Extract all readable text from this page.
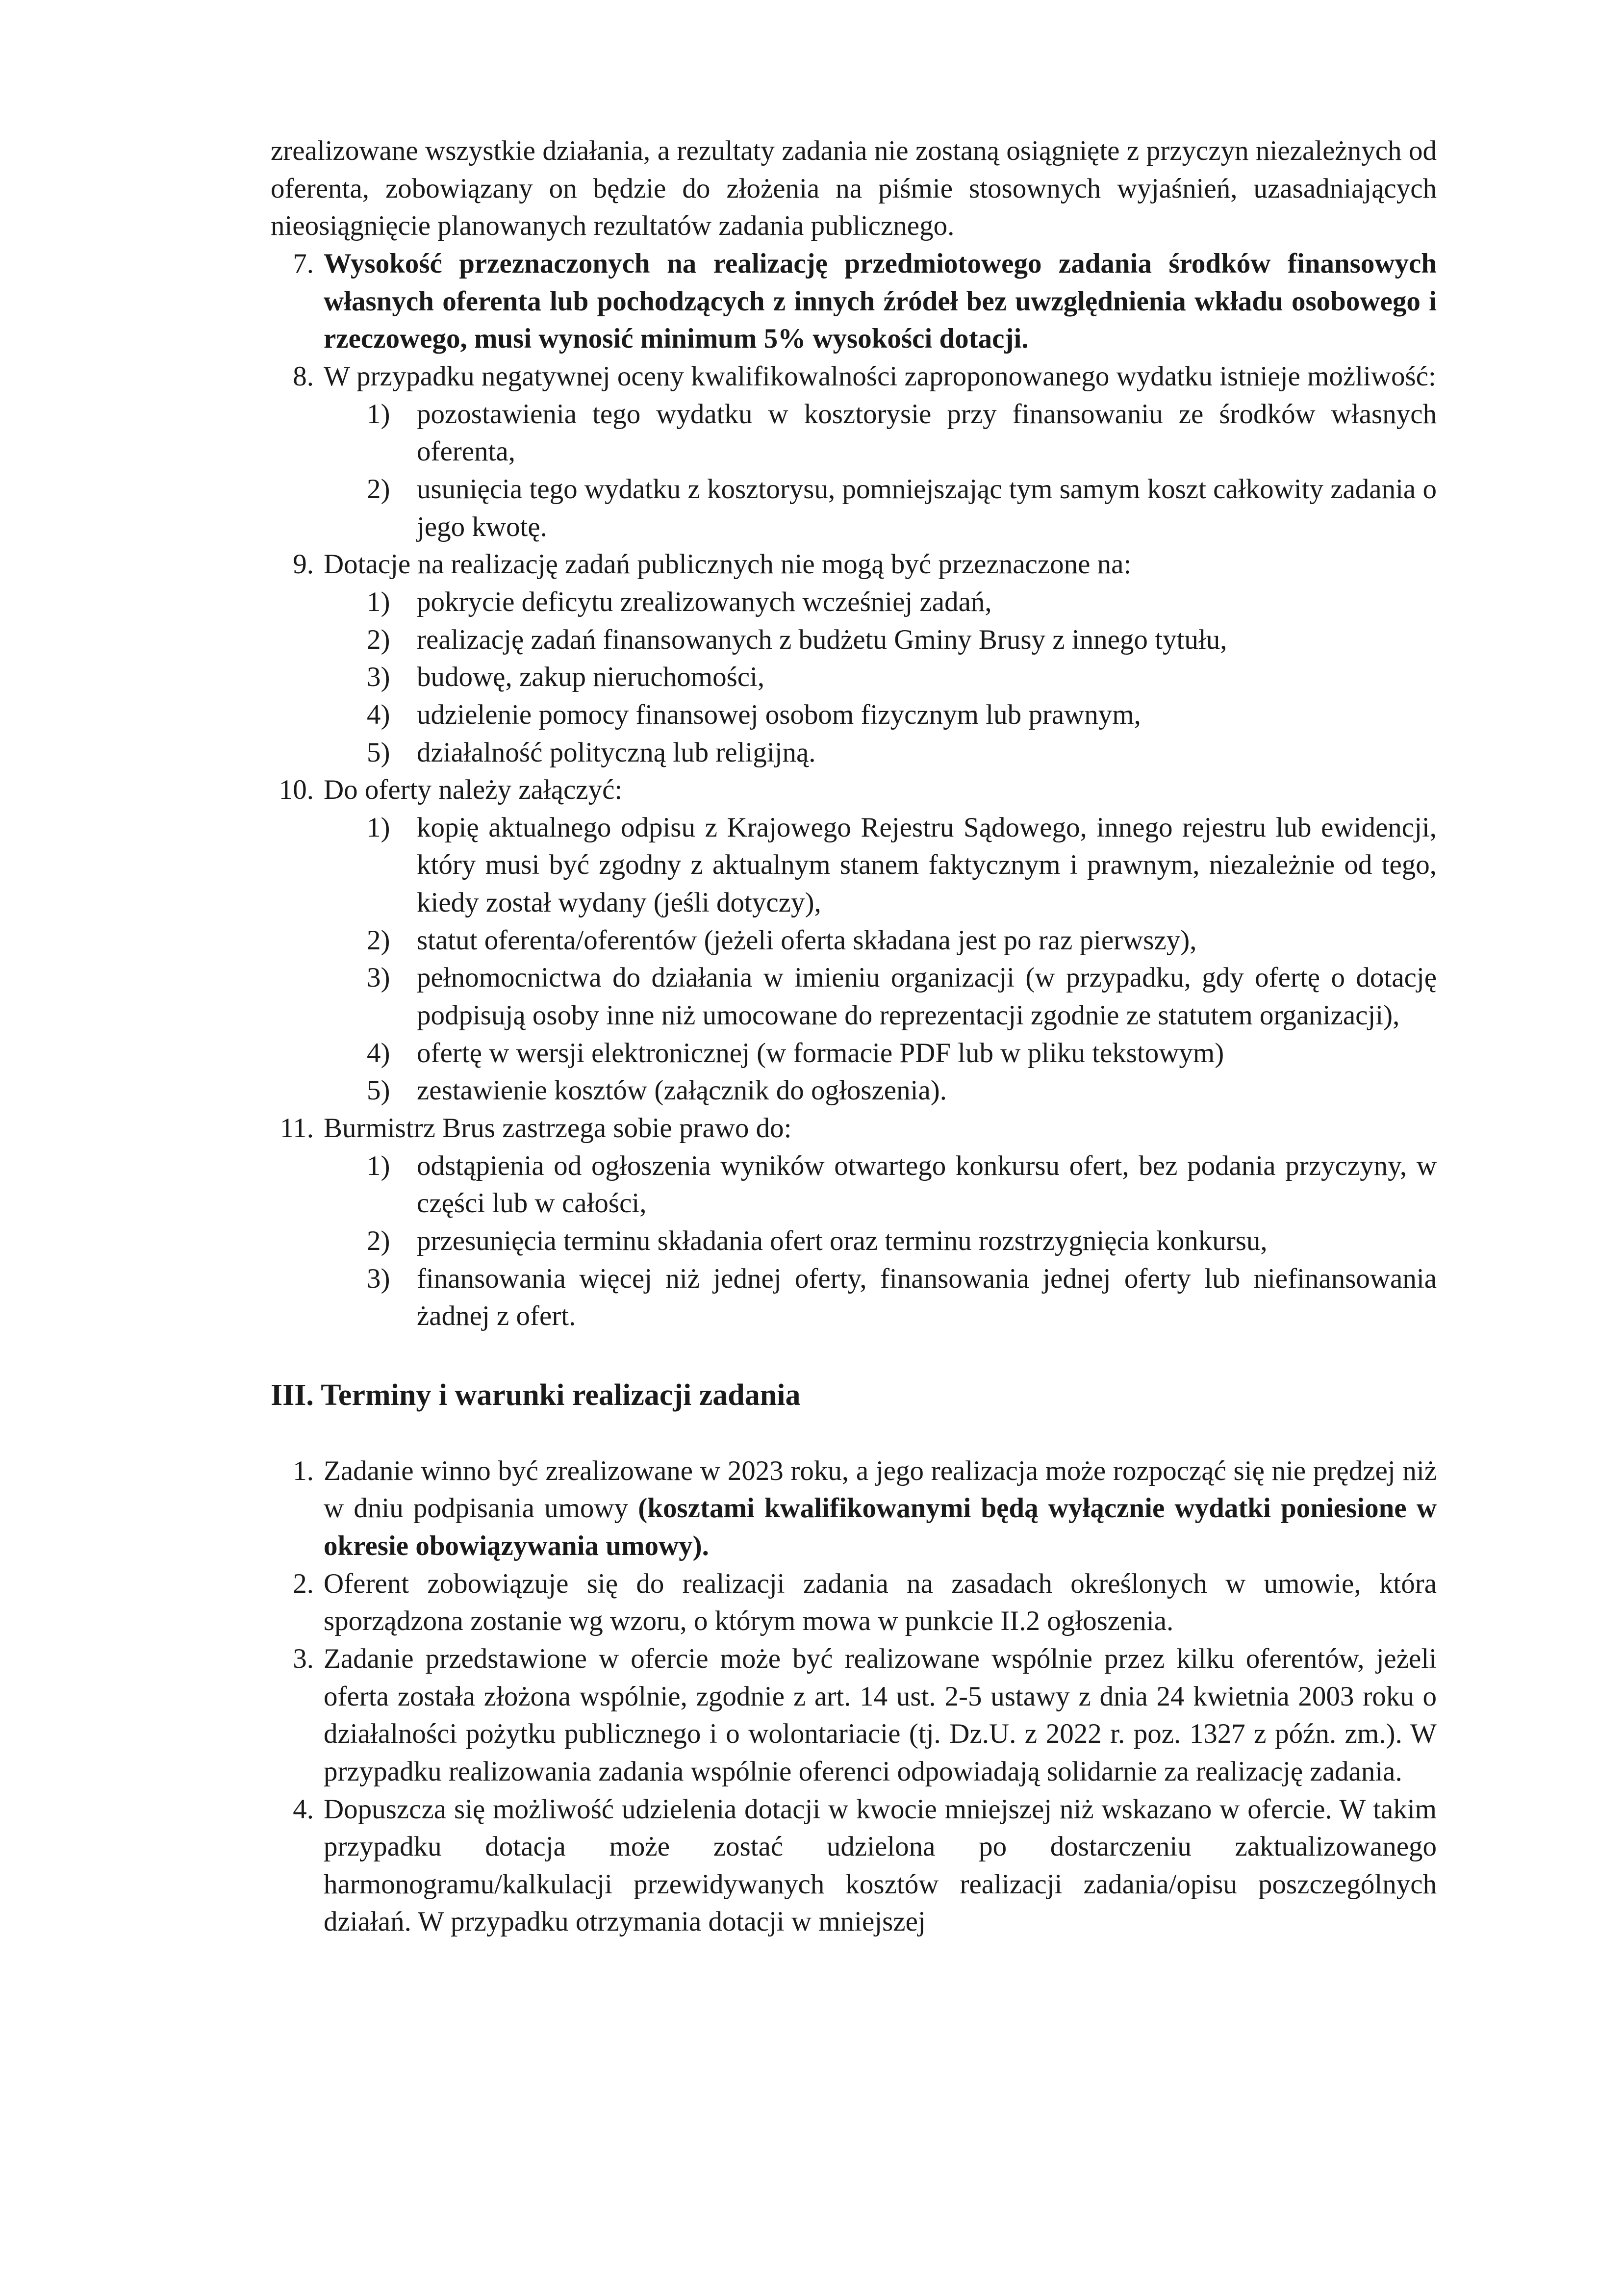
zrealizowane wszystkie działania, a rezultaty zadania nie zostaną osiągnięte z przyczyn niezależnych od oferenta, zobowiązany on będzie do złożenia na piśmie stosownych wyjaśnień, uzasadniających nieosiągnięcie planowanych rezultatów zadania publicznego.

7. Wysokość przeznaczonych na realizację przedmiotowego zadania środków finansowych własnych oferenta lub pochodzących z innych źródeł bez uwzględnienia wkładu osobowego i rzeczowego, musi wynosić minimum 5% wysokości dotacji.
8. W przypadku negatywnej oceny kwalifikowalności zaproponowanego wydatku istnieje możliwość:
1) pozostawienia tego wydatku w kosztorysie przy finansowaniu ze środków własnych oferenta,
2) usunięcia tego wydatku z kosztorysu, pomniejszając tym samym koszt całkowity zadania o jego kwotę.
9. Dotacje na realizację zadań publicznych nie mogą być przeznaczone na:
1) pokrycie deficytu zrealizowanych wcześniej zadań,
2) realizację zadań finansowanych z budżetu Gminy Brusy z innego tytułu,
3) budowę, zakup nieruchomości,
4) udzielenie pomocy finansowej osobom fizycznym lub prawnym,
5) działalność polityczną lub religijną.
10. Do oferty należy załączyć:
1) kopię aktualnego odpisu z Krajowego Rejestru Sądowego, innego rejestru lub ewidencji, który musi być zgodny z aktualnym stanem faktycznym i prawnym, niezależnie od tego, kiedy został wydany (jeśli dotyczy),
2) statut oferenta/oferentów (jeżeli oferta składana jest po raz pierwszy),
3) pełnomocnictwa do działania w imieniu organizacji (w przypadku, gdy ofertę o dotację podpisują osoby inne niż umocowane do reprezentacji zgodnie ze statutem organizacji),
4) ofertę w wersji elektronicznej (w formacie PDF lub w pliku tekstowym)
5) zestawienie kosztów (załącznik do ogłoszenia).
11. Burmistrz Brus zastrzega sobie prawo do:
1) odstąpienia od ogłoszenia wyników otwartego konkursu ofert, bez podania przyczyny, w części lub w całości,
2) przesunięcia terminu składania ofert oraz terminu rozstrzygnięcia konkursu,
3) finansowania więcej niż jednej oferty, finansowania jednej oferty lub niefinansowania żadnej z ofert.
III. Terminy i warunki realizacji zadania
1. Zadanie winno być zrealizowane w 2023 roku, a jego realizacja może rozpocząć się nie prędzej niż w dniu podpisania umowy (kosztami kwalifikowanymi będą wyłącznie wydatki poniesione w okresie obowiązywania umowy).
2. Oferent zobowiązuje się do realizacji zadania na zasadach określonych w umowie, która sporządzona zostanie wg wzoru, o którym mowa w punkcie II.2 ogłoszenia.
3. Zadanie przedstawione w ofercie może być realizowane wspólnie przez kilku oferentów, jeżeli oferta została złożona wspólnie, zgodnie z art. 14 ust. 2-5 ustawy z dnia 24 kwietnia 2003 roku o działalności pożytku publicznego i o wolontariacie (tj. Dz.U. z 2022 r. poz. 1327 z późn. zm.). W przypadku realizowania zadania wspólnie oferenci odpowiadają solidarnie za realizację zadania.
4. Dopuszcza się możliwość udzielenia dotacji w kwocie mniejszej niż wskazano w ofercie. W takim przypadku dotacja może zostać udzielona po dostarczeniu zaktualizowanego harmonogramu/kalkulacji przewidywanych kosztów realizacji zadania/opisu poszczególnych działań. W przypadku otrzymania dotacji w mniejszej
